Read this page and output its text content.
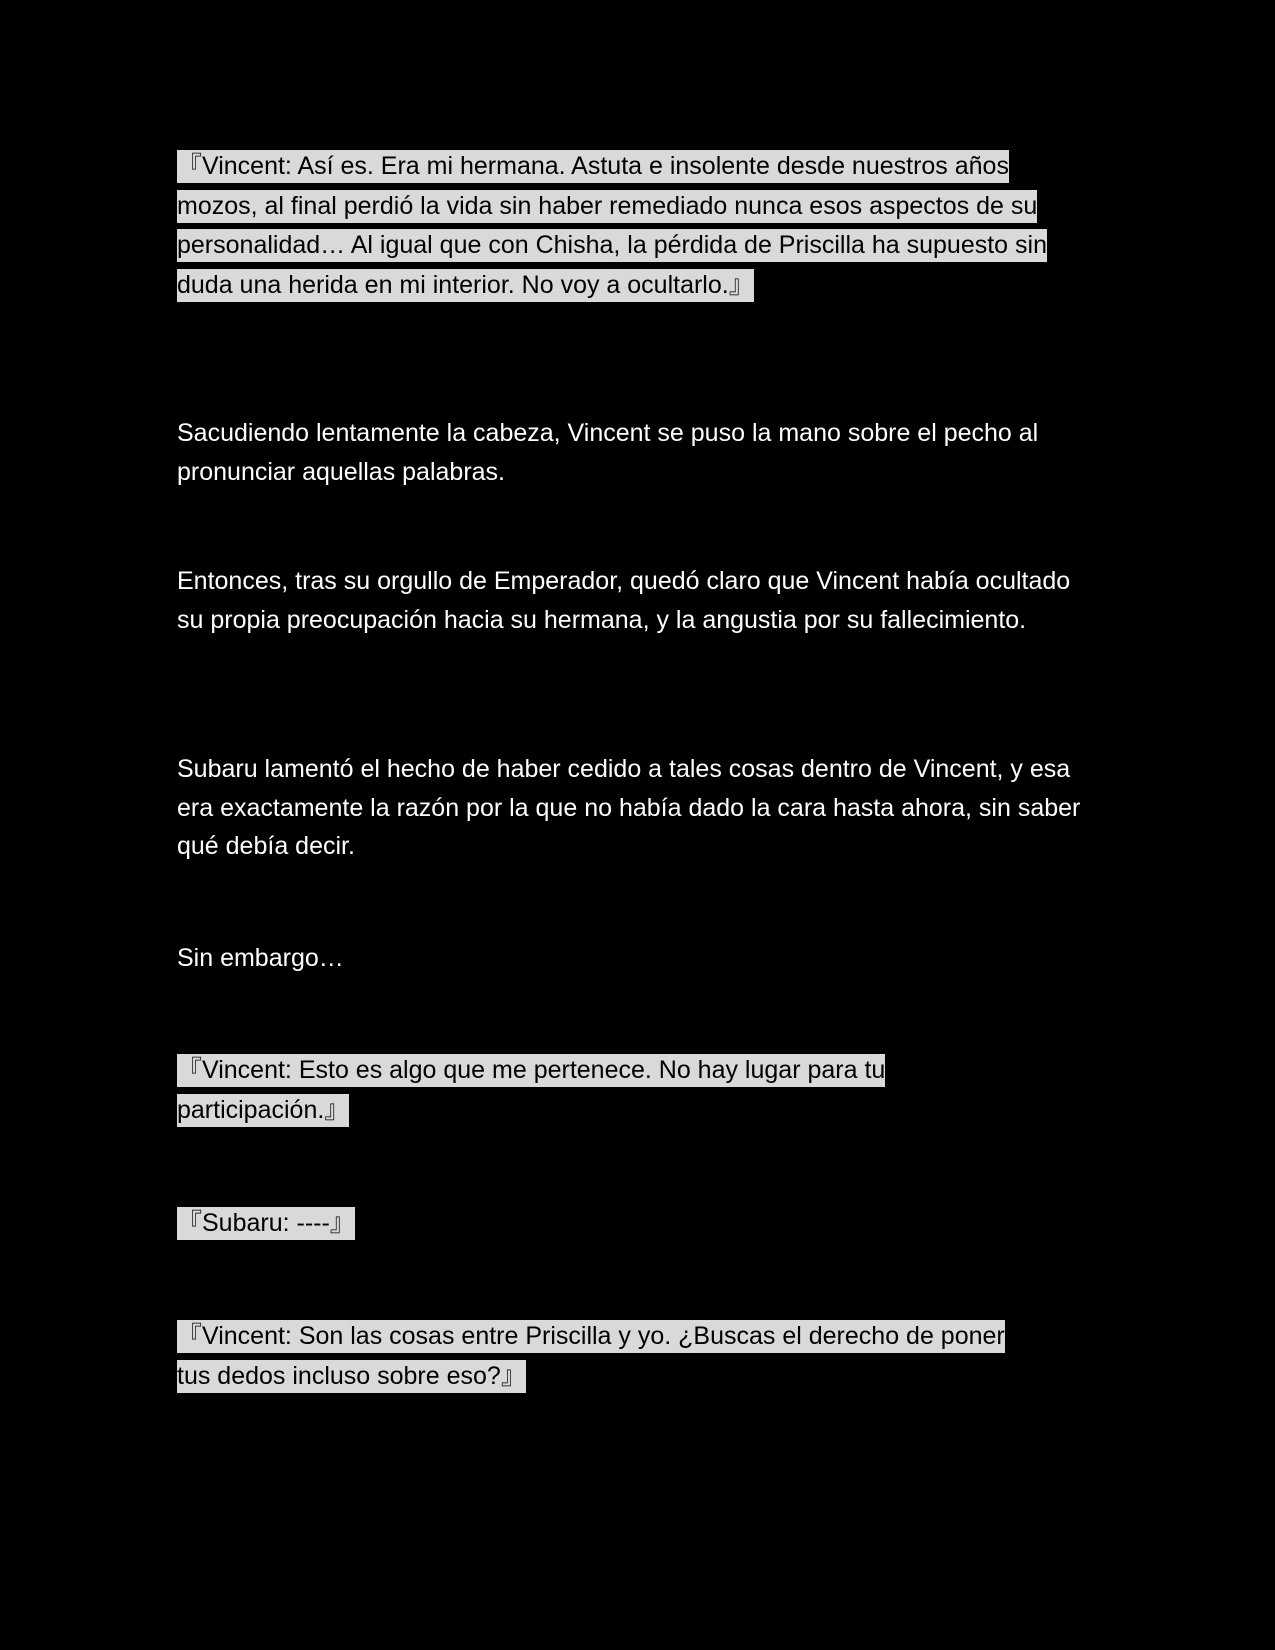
『Vincent: Así es. Era mi hermana. Astuta e insolente desde nuestros años mozos, al final perdió la vida sin haber remediado nunca esos aspectos de su personalidad… Al igual que con Chisha, la pérdida de Priscilla ha supuesto sin duda una herida en mi interior. No voy a ocultarlo.』

Sacudiendo lentamente la cabeza, Vincent se puso la mano sobre el pecho al pronunciar aquellas palabras.

Entonces, tras su orgullo de Emperador, quedó claro que Vincent había ocultado su propia preocupación hacia su hermana, y la angustia por su fallecimiento.

Subaru lamentó el hecho de haber cedido a tales cosas dentro de Vincent, y esa era exactamente la razón por la que no había dado la cara hasta ahora, sin saber qué debía decir.

Sin embargo…

『Vincent: Esto es algo que me pertenece. No hay lugar para tu participación.』

『Subaru: ----』

『Vincent: Son las cosas entre Priscilla y yo. ¿Buscas el derecho de poner tus dedos incluso sobre eso?』
